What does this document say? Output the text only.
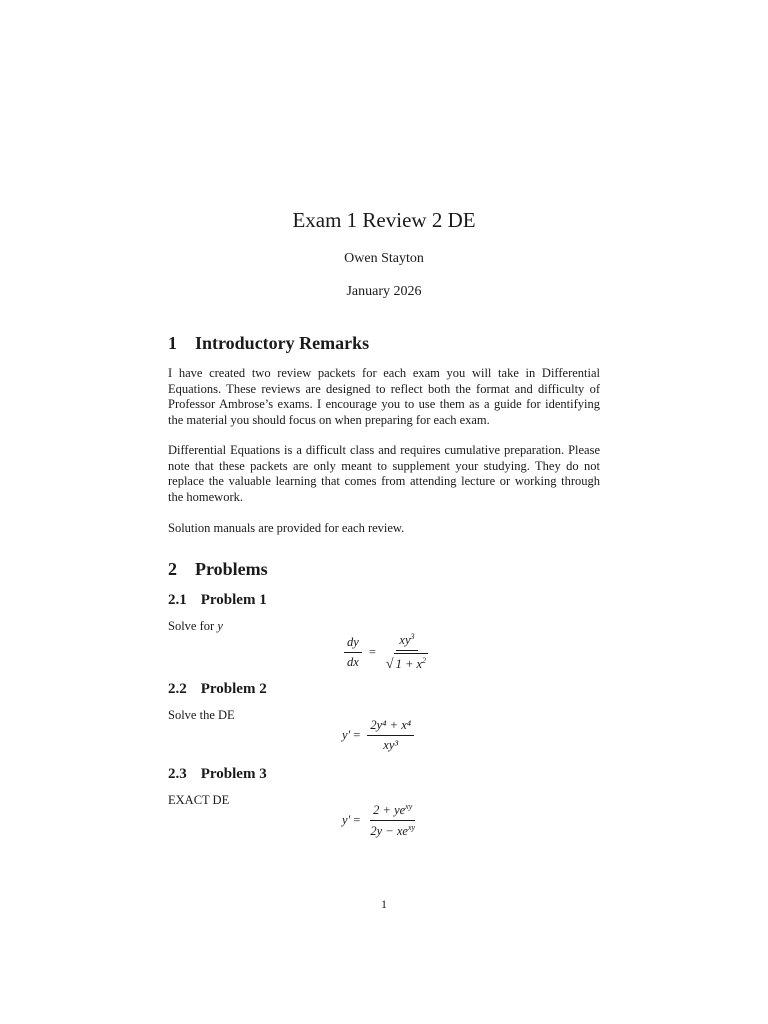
Exam 1 Review 2 DE
Owen Stayton
January 2026
1 Introductory Remarks
I have created two review packets for each exam you will take in Differential Equations. These reviews are designed to reflect both the format and difficulty of Professor Ambrose’s exams. I encourage you to use them as a guide for identifying the material you should focus on when preparing for each exam.
Differential Equations is a difficult class and requires cumulative preparation. Please note that these packets are only meant to supplement your studying. They do not replace the valuable learning that comes from attending lecture or working through the homework.
Solution manuals are provided for each review.
2 Problems
2.1 Problem 1
Solve for y
$\frac{dy}{dx} = \frac{xy^3}{√ 1 + x^2}$
2.2 Problem 2
Solve the DE
$y' = \frac{\text{2y⁴ + x⁴}}{\text{xy³}}$
2.3 Problem 3
EXACT DE
$y' = \frac{2 + ye^{xy}}{2y - xe^{xy}}$
1
